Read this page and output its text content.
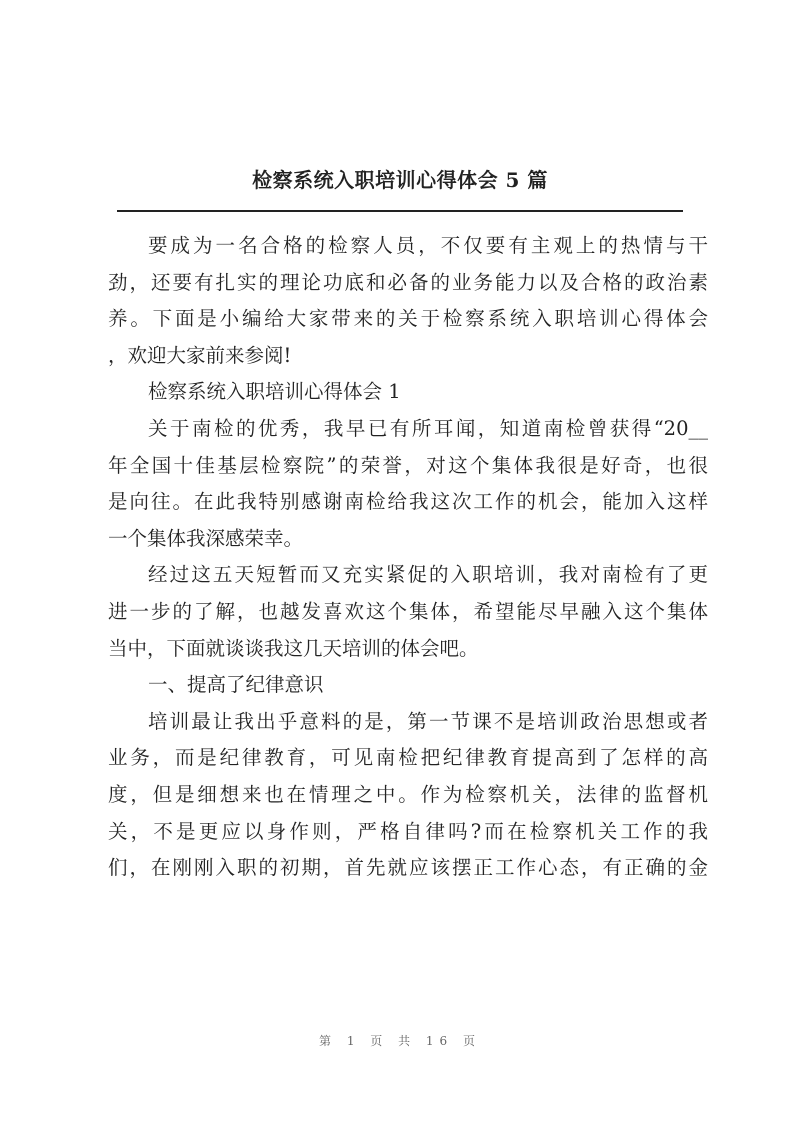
检察系统入职培训心得体会 5 篇
要成为一名合格的检察人员，不仅要有主观上的热情与干
劲，还要有扎实的理论功底和必备的业务能力以及合格的政治素
养。下面是小编给大家带来的关于检察系统入职培训心得体会
，欢迎大家前来参阅!
检察系统入职培训心得体会 1
关于南检的优秀，我早已有所耳闻，知道南检曾获得“20__
年全国十佳基层检察院”的荣誉，对这个集体我很是好奇，也很
是向往。在此我特别感谢南检给我这次工作的机会，能加入这样
一个集体我深感荣幸。
经过这五天短暂而又充实紧促的入职培训，我对南检有了更
进一步的了解，也越发喜欢这个集体，希望能尽早融入这个集体
当中，下面就谈谈我这几天培训的体会吧。
一、提高了纪律意识
培训最让我出乎意料的是，第一节课不是培训政治思想或者
业务，而是纪律教育，可见南检把纪律教育提高到了怎样的高
度，但是细想来也在情理之中。作为检察机关，法律的监督机
关，不是更应以身作则，严格自律吗?而在检察机关工作的我
们，在刚刚入职的初期，首先就应该摆正工作心态，有正确的金
第 1 页 共 16 页
